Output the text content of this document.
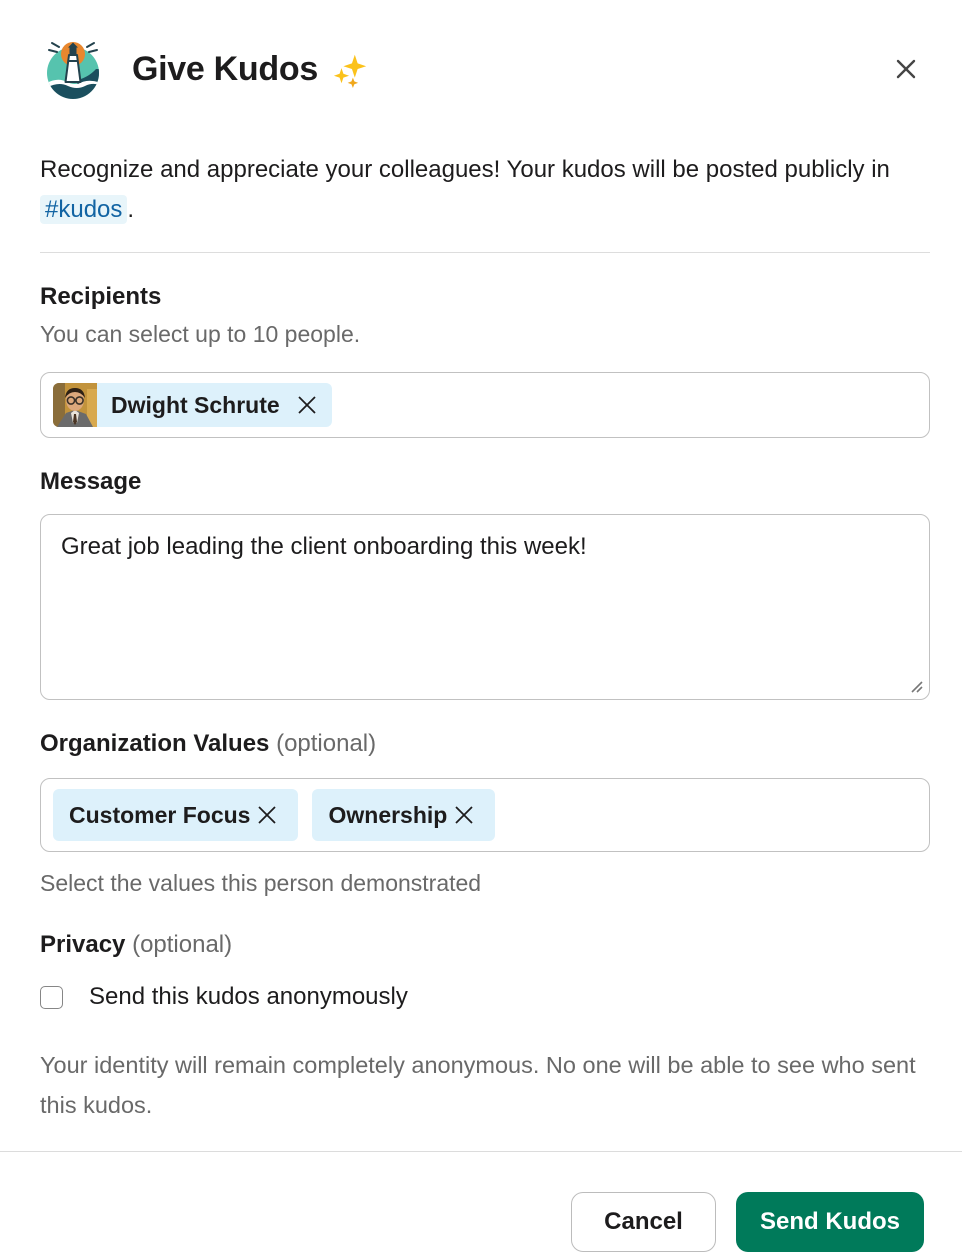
Give Kudos

Recognize and appreciate your colleagues! Your kudos will be posted publicly in #kudos .

Recipients
You can select up to 10 people.
Dwight Schrute
Message
Great job leading the client onboarding this week!
Organization Values (optional)
Customer Focus	Ownership
Select the values this person demonstrated
Privacy (optional)
Send this kudos anonymously

Your identity will remain completely anonymous. No one will be able to see who sent this kudos.

Cancel	Send Kudos
